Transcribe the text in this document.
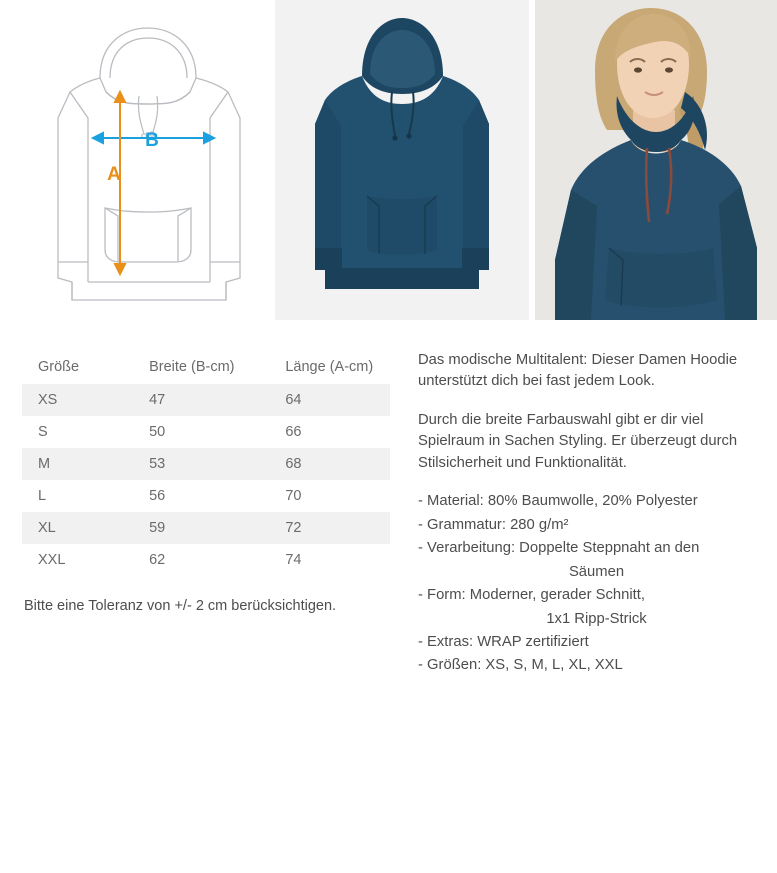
B
A
Größe	Breite (B-cm)	Länge (A-cm)
XS	47	64
S	50	66
M	53	68
L	56	70
XL	59	72
XXL	62	74
Bitte eine Toleranz von +/- 2 cm berücksichtigen.

Das modische Multitalent: Dieser Damen Hoodie unterstützt dich bei fast jedem Look.

Durch die breite Farbauswahl gibt er dir viel Spielraum in Sachen Styling. Er überzeugt durch Stilsicherheit und Funktionalität.

- Material: 80% Baumwolle, 20% Polyester
- Grammatur: 280 g/m²
- Verarbeitung: Doppelte Steppnaht an den
Säumen
- Form: Moderner, gerader Schnitt,
1x1 Ripp-Strick
- Extras: WRAP zertifiziert
- Größen: XS, S, M, L, XL, XXL
